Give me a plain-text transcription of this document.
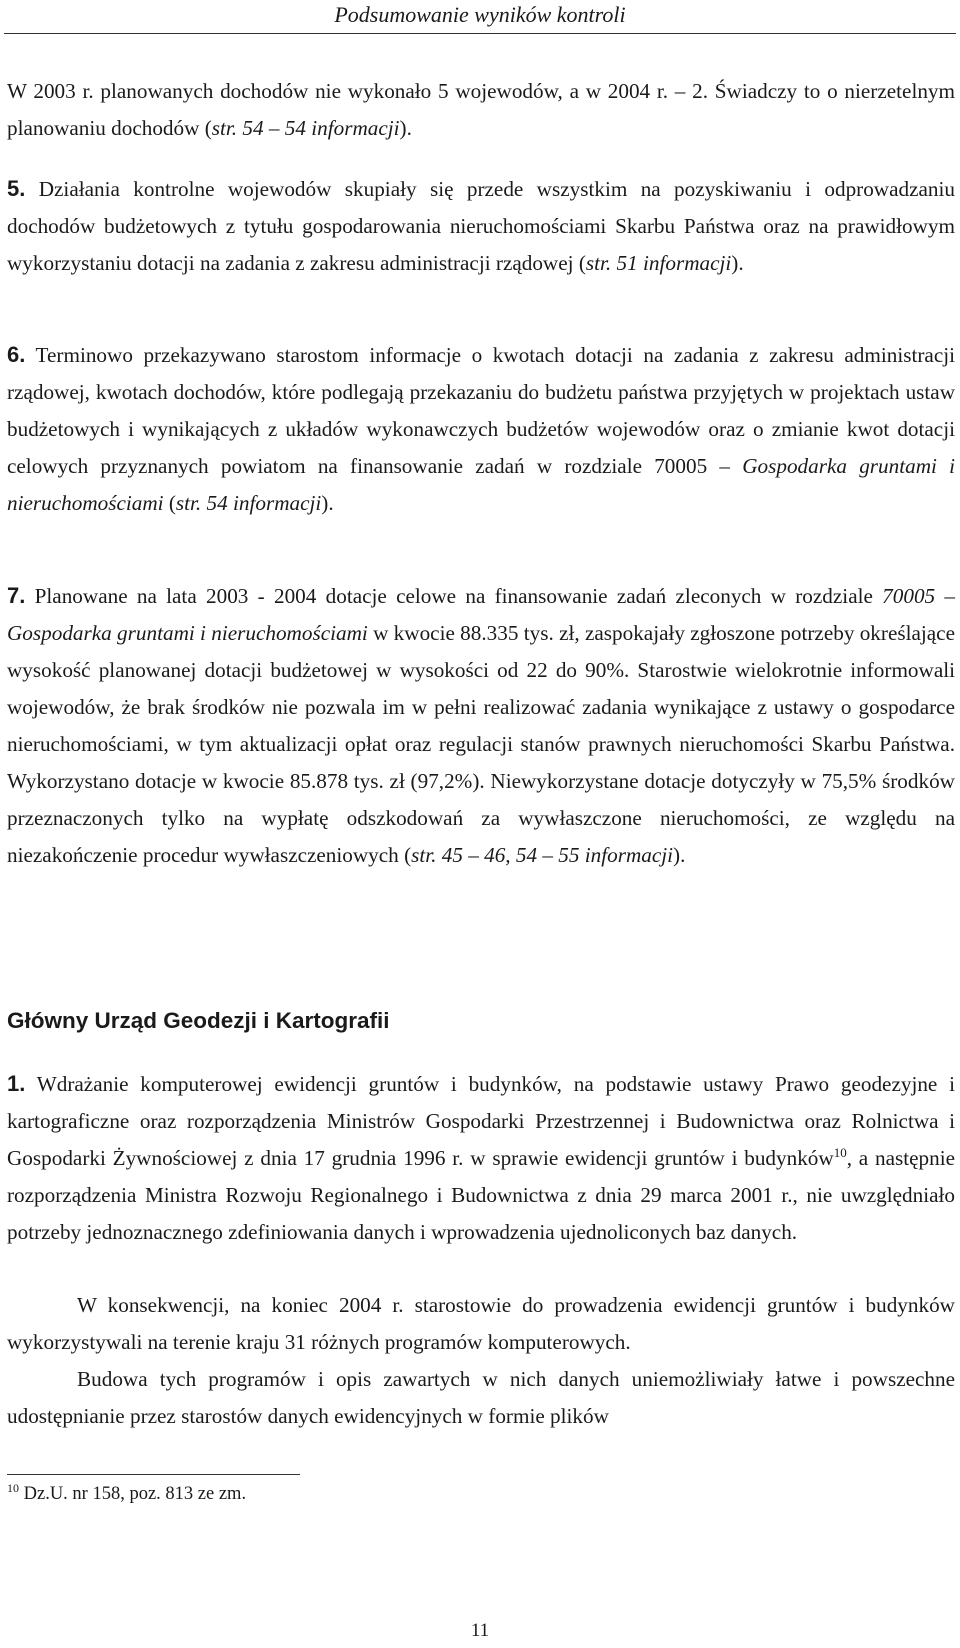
Podsumowanie wyników kontroli

W 2003 r. planowanych dochodów nie wykonało 5 wojewodów, a w 2004 r. – 2. Świadczy to o nierzetelnym planowaniu dochodów (str. 54 – 54 informacji).

5. Działania kontrolne wojewodów skupiały się przede wszystkim na pozyskiwaniu i odprowadzaniu dochodów budżetowych z tytułu gospodarowania nieruchomościami Skarbu Państwa oraz na prawidłowym wykorzystaniu dotacji na zadania z zakresu administracji rządowej (str. 51 informacji).

6. Terminowo przekazywano starostom informacje o kwotach dotacji na zadania z zakresu administracji rządowej, kwotach dochodów, które podlegają przekazaniu do budżetu państwa przyjętych w projektach ustaw budżetowych i wynikających z układów wykonawczych budżetów wojewodów oraz o zmianie kwot dotacji celowych przyznanych powiatom na finansowanie zadań w rozdziale 70005 – Gospodarka gruntami i nieruchomościami (str. 54 informacji).

7. Planowane na lata 2003 - 2004 dotacje celowe na finansowanie zadań zleconych w rozdziale 70005 – Gospodarka gruntami i nieruchomościami w kwocie 88.335 tys. zł, zaspokajały zgłoszone potrzeby określające wysokość planowanej dotacji budżetowej w wysokości od 22 do 90%. Starostwie wielokrotnie informowali wojewodów, że brak środków nie pozwala im w pełni realizować zadania wynikające z ustawy o gospodarce nieruchomościami, w tym aktualizacji opłat oraz regulacji stanów prawnych nieruchomości Skarbu Państwa. Wykorzystano dotacje w kwocie 85.878 tys. zł (97,2%). Niewykorzystane dotacje dotyczyły w 75,5% środków przeznaczonych tylko na wypłatę odszkodowań za wywłaszczone nieruchomości, ze względu na niezakończenie procedur wywłaszczeniowych (str. 45 – 46, 54 – 55 informacji).

Główny Urząd Geodezji i Kartografii

1. Wdrażanie komputerowej ewidencji gruntów i budynków, na podstawie ustawy Prawo geodezyjne i kartograficzne oraz rozporządzenia Ministrów Gospodarki Przestrzennej i Budownictwa oraz Rolnictwa i Gospodarki Żywnościowej z dnia 17 grudnia 1996 r. w sprawie ewidencji gruntów i budynków$^{10}$, a następnie rozporządzenia Ministra Rozwoju Regionalnego i Budownictwa z dnia 29 marca 2001 r., nie uwzględniało potrzeby jednoznacznego zdefiniowania danych i wprowadzenia ujednoliconych baz danych.

W konsekwencji, na koniec 2004 r. starostowie do prowadzenia ewidencji gruntów i budynków wykorzystywali na terenie kraju 31 różnych programów komputerowych.

Budowa tych programów i opis zawartych w nich danych uniemożliwiały łatwe i powszechne udostępnianie przez starostów danych ewidencyjnych w formie plików

$^{10}$ Dz.U. nr 158, poz. 813 ze zm.
11
